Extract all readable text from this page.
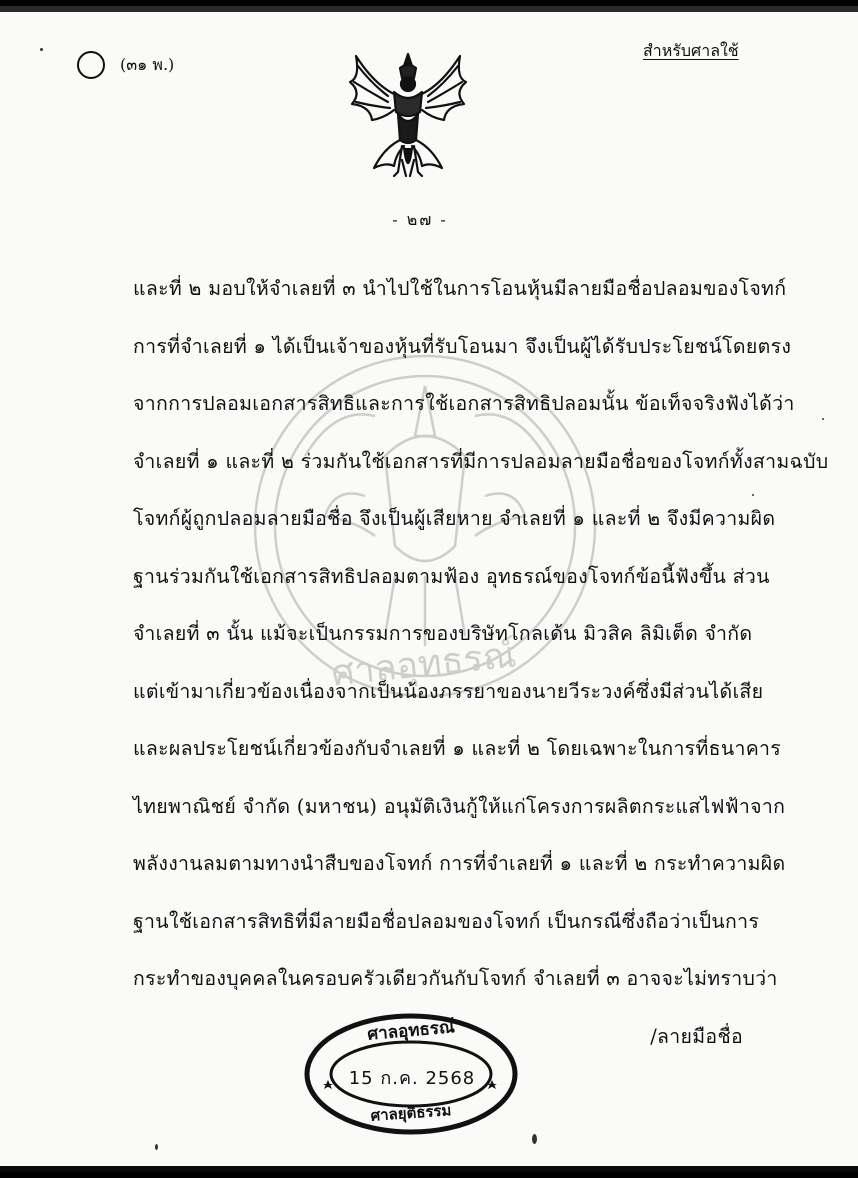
(๓๑ พ.)
สำหรับศาลใช้
- ๒๗ -
ศาลอุทธรณ์
และที่ ๒ มอบให้จำเลยที่ ๓ นำไปใช้ในการโอนหุ้นมีลายมือชื่อปลอมของโจทก์
การที่จำเลยที่ ๑ ได้เป็นเจ้าของหุ้นที่รับโอนมา จึงเป็นผู้ได้รับประโยชน์โดยตรง
จากการปลอมเอกสารสิทธิและการใช้เอกสารสิทธิปลอมนั้น ข้อเท็จจริงฟังได้ว่า
จำเลยที่ ๑ และที่ ๒ ร่วมกันใช้เอกสารที่มีการปลอมลายมือชื่อของโจทก์ทั้งสามฉบับ
โจทก์ผู้ถูกปลอมลายมือชื่อ จึงเป็นผู้เสียหาย จำเลยที่ ๑ และที่ ๒ จึงมีความผิด
ฐานร่วมกันใช้เอกสารสิทธิปลอมตามฟ้อง อุทธรณ์ของโจทก์ข้อนี้ฟังขึ้น ส่วน
จำเลยที่ ๓ นั้น แม้จะเป็นกรรมการของบริษัทโกลเด้น มิวสิค ลิมิเต็ด จำกัด
แต่เข้ามาเกี่ยวข้องเนื่องจากเป็นน้องภรรยาของนายวีระวงค์ซึ่งมีส่วนได้เสีย
และผลประโยชน์เกี่ยวข้องกับจำเลยที่ ๑ และที่ ๒ โดยเฉพาะในการที่ธนาคาร
ไทยพาณิชย์ จำกัด (มหาชน) อนุมัติเงินกู้ให้แก่โครงการผลิตกระแสไฟฟ้าจาก
พลังงานลมตามทางนำสืบของโจทก์ การที่จำเลยที่ ๑ และที่ ๒ กระทำความผิด
ฐานใช้เอกสารสิทธิที่มีลายมือชื่อปลอมของโจทก์ เป็นกรณีซึ่งถือว่าเป็นการ
กระทำของบุคคลในครอบครัวเดียวกันกับโจทก์ จำเลยที่ ๓ อาจจะไม่ทราบว่า
/ลายมือชื่อ
ศาลอุทธรณ์
15 ก.ค. 2568
ศาลยุติธรรม
